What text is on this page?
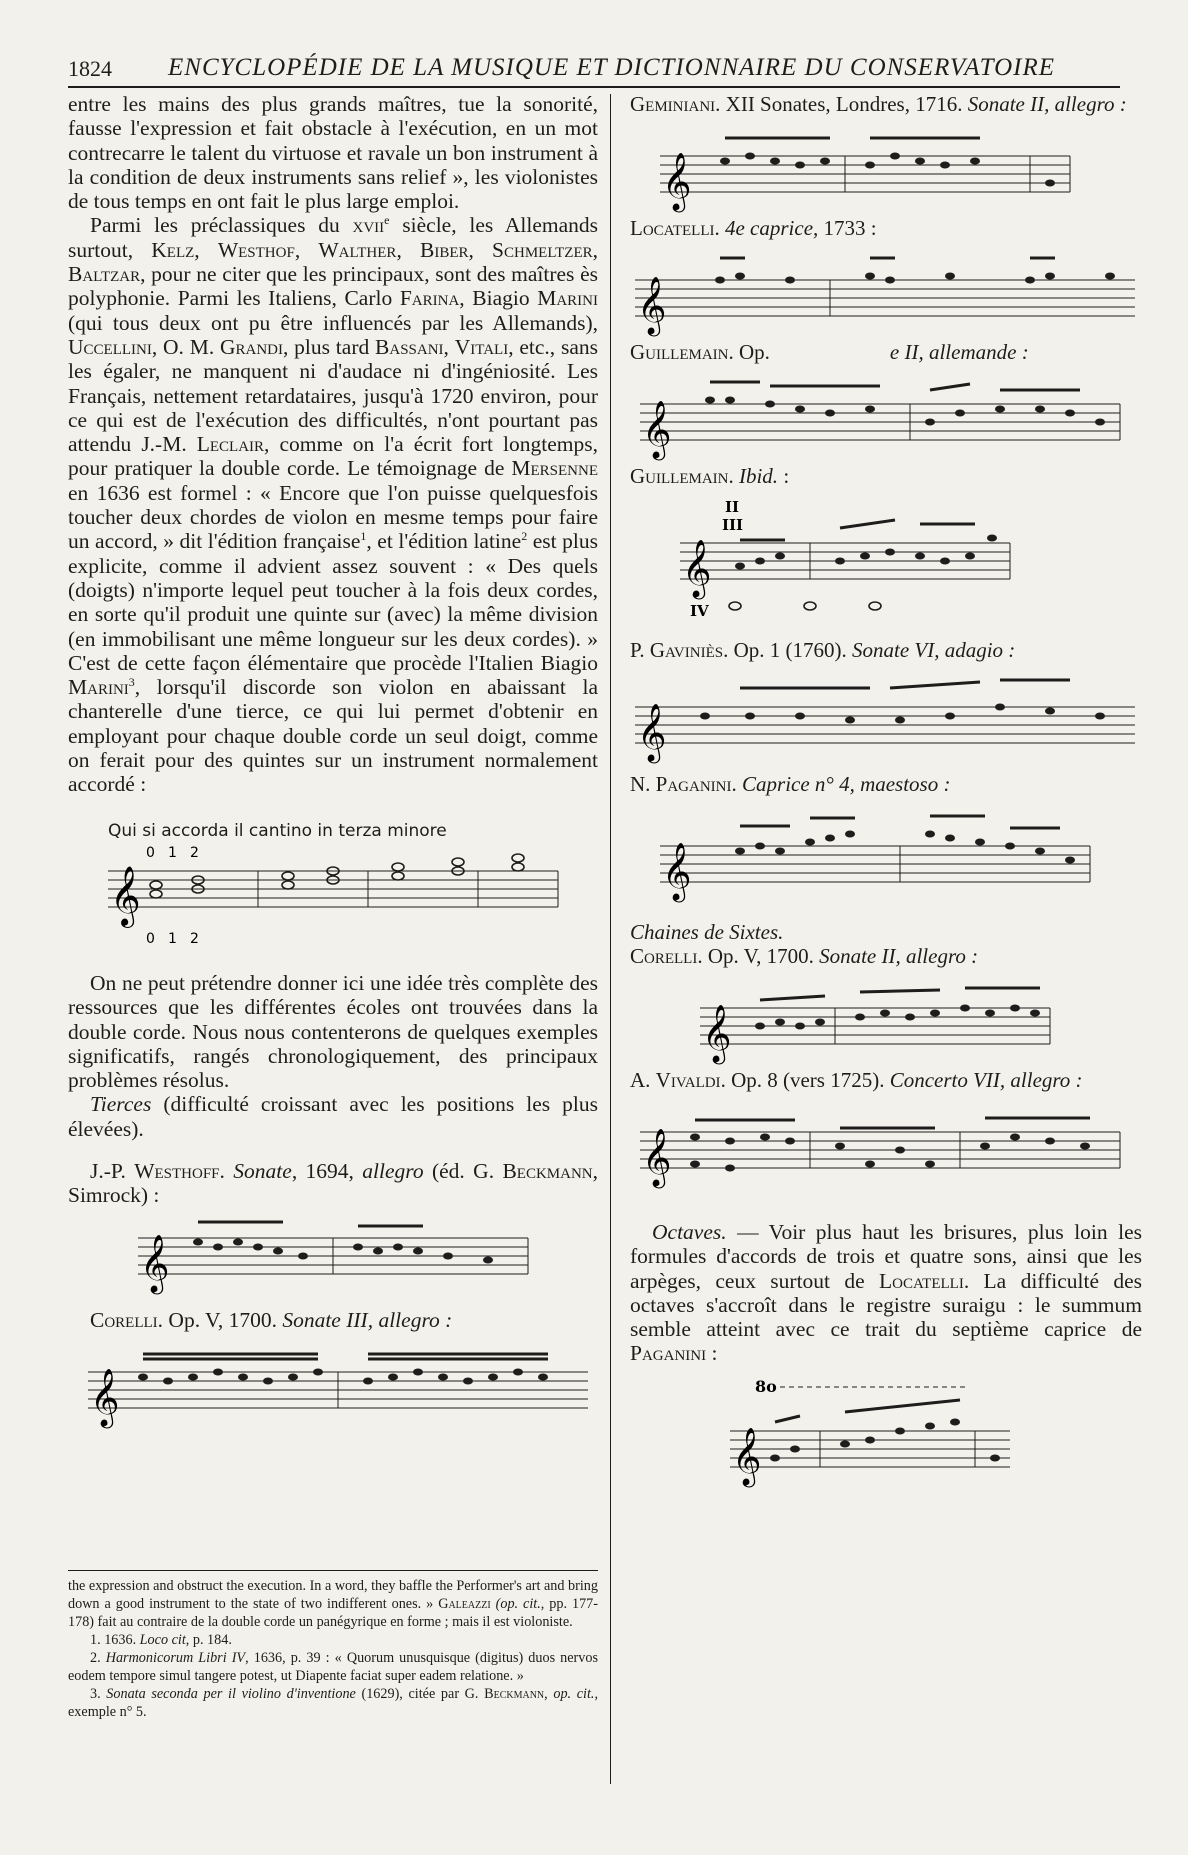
1824 ENCYCLOPÉDIE DE LA MUSIQUE ET DICTIONNAIRE DU CONSERVATOIRE

entre les mains des plus grands maîtres, tue la sonorité, fausse l'expression et fait obstacle à l'exécution, en un mot contrecarre le talent du virtuose et ravale un bon instrument à la condition de deux instruments sans relief », les violonistes de tous temps en ont fait le plus large emploi.

Parmi les préclassiques du xvii$^e$ siècle, les Allemands surtout, Kelz, Westhof, Walther, Biber, Schmeltzer, Baltzar, pour ne citer que les principaux, sont des maîtres ès polyphonie. Parmi les Italiens, Carlo Farina, Biagio Marini (qui tous deux ont pu être influencés par les Allemands), Uccellini, O. M. Grandi, plus tard Bassani, Vitali, etc., sans les égaler, ne manquent ni d'audace ni d'ingéniosité. Les Français, nettement retardataires, jusqu'à 1720 environ, pour ce qui est de l'exécution des difficultés, n'ont pourtant pas attendu J.-M. Leclair, comme on l'a écrit fort longtemps, pour pratiquer la double corde. Le témoignage de Mersenne en 1636 est formel : « Encore que l'on puisse quelquesfois toucher deux chordes de violon en mesme temps pour faire un accord, » dit l'édition française$^1$, et l'édition latine$^2$ est plus explicite, comme il advient assez souvent : « Des quels (doigts) n'importe lequel peut toucher à la fois deux cordes, en sorte qu'il produit une quinte sur (avec) la même division (en immobilisant une même longueur sur les deux cordes). » C'est de cette façon élémentaire que procède l'Italien Biagio Marini$^3$, lorsqu'il discorde son violon en abaissant la chanterelle d'une tierce, ce qui lui permet d'obtenir en employant pour chaque double corde un seul doigt, comme on ferait pour des quintes sur un instrument normalement accordé :

Qui si accorda il cantino in terza minore

0 1 2
𝄞
0 1 2

On ne peut prétendre donner ici une idée très complète des ressources que les différentes écoles ont trouvées dans la double corde. Nous nous contenterons de quelques exemples significatifs, rangés chronologiquement, des principaux problèmes résolus.

Tierces (difficulté croissant avec les positions les plus élevées).

J.-P. Westhoff. Sonate, 1694, allegro (éd. G. Beckmann, Simrock) :

𝄞

Corelli. Op. V, 1700. Sonate III, allegro :

𝄞

the expression and obstruct the execution. In a word, they baffle the Performer's art and bring down a good instrument to the state of two indifferent ones. » Galeazzi (op. cit., pp. 177-178) fait au contraire de la double corde un panégyrique en forme ; mais il est violoniste.

1. 1636. Loco cit, p. 184.

2. Harmonicorum Libri IV, 1636, p. 39 : « Quorum unusquisque (digitus) duos nervos eodem tempore simul tangere potest, ut Diapente faciat super eadem relatione. »

3. Sonata seconda per il violino d'inventione (1629), citée par G. Beckmann, op. cit., exemple n° 5.

Geminiani. XII Sonates, Londres, 1716. Sonate II, allegro :

𝄞

Locatelli. 4e caprice, 1733 :

𝄞

Guillemain. Op.	e II, allemande :

𝄞

Guillemain. Ibid. :

II
III
𝄞
IV

P. Gaviniès. Op. 1 (1760). Sonate VI, adagio :

𝄞

N. Paganini. Caprice n° 4, maestoso :

𝄞

Chaines de Sixtes.

Corelli. Op. V, 1700. Sonate II, allegro :

𝄞

A. Vivaldi. Op. 8 (vers 1725). Concerto VII, allegro :

𝄞

Octaves. — Voir plus haut les brisures, plus loin les formules d'accords de trois et quatre sons, ainsi que les arpèges, ceux surtout de Locatelli. La difficulté des octaves s'accroît dans le registre suraigu : le summum semble atteint avec ce trait du septième caprice de Paganini :

8o
𝄞
